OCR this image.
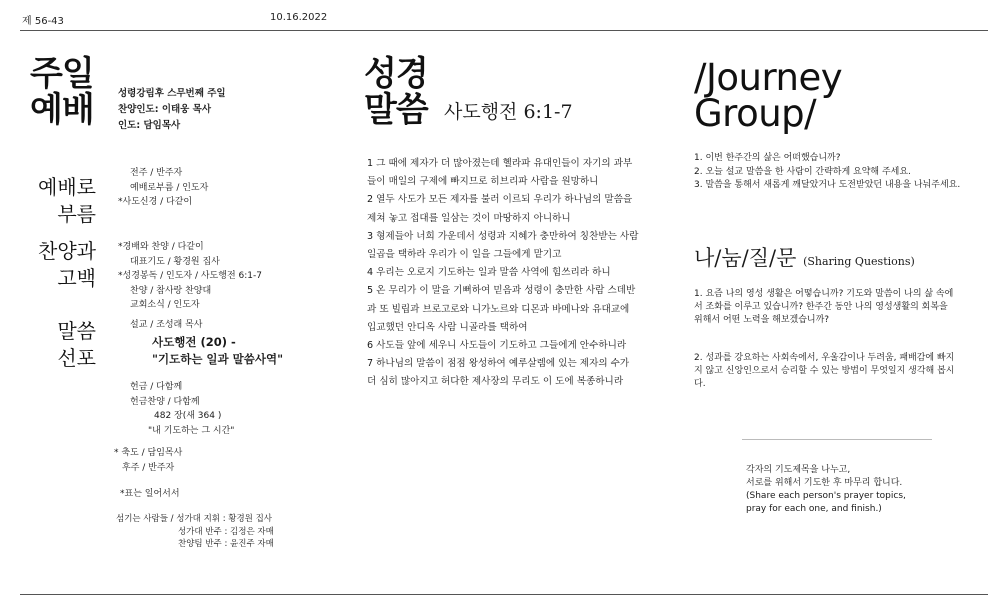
제 56-43	10.16.2022
주일
예배	성령강림후 스무번째 주일
찬양인도: 이태웅 목사
인도: 담임목사
예배로
부름
전주 / 반주자
예배로부름 / 인도자
*사도신경 / 다같이
찬양과
고백
*경배와 찬양 / 다같이
대표기도 / 황경원 집사
*성경봉독 / 인도자 / 사도행전 6:1-7
찬양 / 참사랑 찬양대
교회소식 / 인도자
말씀
선포
설교 / 조성래 목사
사도행전 (20) -
"기도하는 일과 말씀사역"
헌금 / 다함께
헌금찬양 / 다함께
482 장(새 364 )
"내 기도하는 그 시간"
* 축도 / 담임목사
후주 / 반주자
*표는 일어서서
섬기는 사람들 / 성가대 지휘 : 황경원 집사
성가대 반주 : 김정은 자매
찬양팀 반주 : 윤진주 자매
성경
말씀 사도행전 6:1-7
1 그 때에 제자가 더 많아졌는데 헬라파 유대인들이 자기의 과부들이 매일의 구제에 빠지므로 히브리파 사람을 원망하니
2 열두 사도가 모든 제자를 불러 이르되 우리가 하나님의 말씀을 제쳐 놓고 접대를 일삼는 것이 마땅하지 아니하니
3 형제들아 너희 가운데서 성령과 지혜가 충만하여 칭찬받는 사람 일곱을 택하라 우리가 이 일을 그들에게 맡기고
4 우리는 오로지 기도하는 일과 말씀 사역에 힘쓰리라 하니
5 온 무리가 이 말을 기뻐하여 믿음과 성령이 충만한 사람 스데반과 또 빌립과 브로고로와 니가노르와 디몬과 바메나와 유대교에 입교했던 안디옥 사람 니골라를 택하여
6 사도들 앞에 세우니 사도들이 기도하고 그들에게 안수하니라
7 하나님의 말씀이 점점 왕성하여 예루살렘에 있는 제자의 수가 더 심히 많아지고 허다한 제사장의 무리도 이 도에 복종하니라
/Journey
Group/
1. 이번 한주간의 삶은 어떠했습니까?
2. 오늘 설교 말씀을 한 사람이 간략하게 요약해 주세요.
3. 말씀을 통해서 새롭게 깨달았거나 도전받았던 내용을 나눠주세요.
나/눔/질/문 (Sharing Questions)
1. 요즘 나의 영성 생활은 어떻습니까? 기도와 말씀이 나의 삶 속에서 조화를 이루고 있습니까? 한주간 동안 나의 영성생활의 회복을 위해서 어떤 노력을 해보겠습니까?
2. 성과를 강요하는 사회속에서, 우울감이나 두려움, 패배감에 빠지지 않고 신앙인으로서 승리할 수 있는 방법이 무엇일지 생각해 봅시다.
각자의 기도제목을 나누고,
서로를 위해서 기도한 후 마무리 합니다.
(Share each person's prayer topics,
pray for each one, and finish.)
